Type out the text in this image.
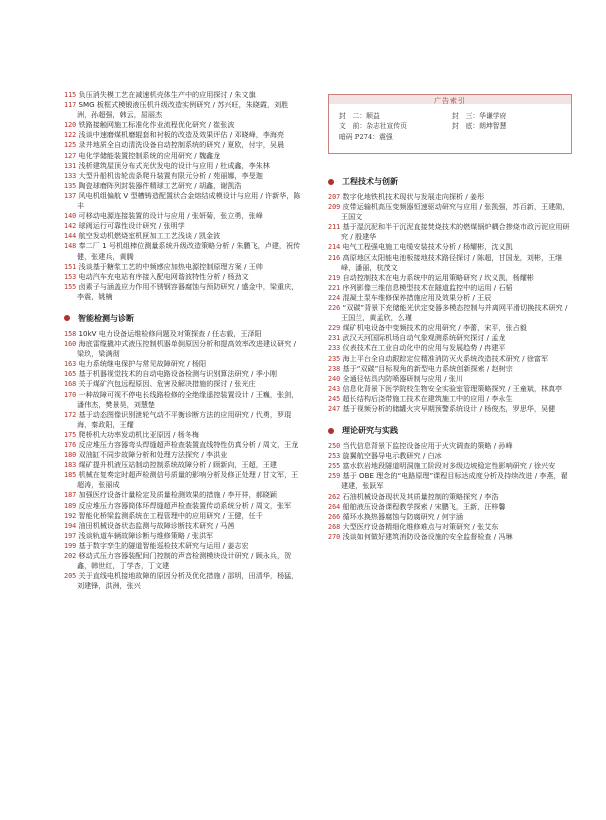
115 负压消失模工艺在减速机壳体生产中的应用探讨 / 朱文旗

117 SMG 板框式模锻液压机升级改造实例研究 / 苏兴旺，朱晓霞，刘胜洲，孙超强，韩云，屈丽杰

120 铁路接触网施工标准化作业流程优化研究 / 崔张波

122 浅谈中速磨煤机磨辊套和衬板的改造及效果评估 / 邓晓峰，李海亮

125 录井地质全自动清洗设备自动控制系统的研究 / 夏欧，付宇，吴晨

127 电化学储能装置控制系统的应用研究 / 魏鑫龙

131 浅析建筑屋顶分布式光伏发电的设计与应用 / 杜成鑫，李朱林

133 大型升船机齿轮齿条爬升装置有限元分析 / 苑丽娜，李旻迦

135 陶瓷球磨阵列封装器件精球工艺研究 / 胡鑫，谢凯浩

137 风电机组偏航 V 型槽铸造配置状合金熔结成模设计与应用 / 许新华，陈丰

140 可移动电源连接装置的设计与应用 / 张妍菊，张立勇，张峰

142 球阀运行可靠性设计研究 / 张明学

144 航空发动机燃烧室机匣加工工艺浅谈 / 凯金波

148 奉二厂 1 号机组棒位测量系统升级改造策略分析 / 朱鹏飞，卢建，祝传健，张建兵，黄腾

151 浅谈基于糖浆工艺的中频感应加热电源控制原理方案 / 王帅

153 电动汽车充电站有序接入配电网谐波特性分析 / 杨劲文

155 卤素子与涵盖应力作用不锈钢容器腐蚀与预防研究 / 盛金中，梁重庆，李震，姚楠

智能检测与诊断

158 10kV 电力设备运维检修问题及对策探查 / 任志毅，王泽阳

160 海底雷缆撬冲式液压控制机器单倒原因分析和提高效率改进建议研究 / 梁玖，梁满彻

163 电力系统继电保护与常见故障研究 / 杨阳

165 基于机器视觉技术的自动电路设备检测与识别算法研究 / 季小刚

168 关于煤矿汽包远程原因、危害及解决措施的探讨 / 张光庄

170 一种故障可视不停电长线路检修的全绝缘遥控装置设计 / 王巍，张剑，潘伟杰，樊景昊，刘慧楚

172 基于动态图像识别泄轮气动不平衡诊断方法的应用研究 / 代勇，罗琨海，秦政阳，王耀

175 爬桥机大功率发动机比亚原因 / 杨冬梅

176 反应堆压力容器弯头焊缝超声检查装置直线特性仿真分析 / 周文，王龙

180 双油缸不同步故障分析和处理方法探究 / 李洪业

183 煤矿提升机液压站制动控制系统故障分析 / 顾新向，王超，王建

185 机械在复奏定时超声检测信号质量的影响分析及修正处理 / 甘文军，王超涛，张丽成

187 加强医疗设备计量检定及质量检测效果的措施 / 李开祥，郝晓颖

189 反应堆压力容器筒体环焊缝超声检查装置传动系统分析 / 周文，张军

192 智能化桥梁监测系统在工程管理中的应用研究 / 王健，任千

194 油田机械设备状态监测与故障诊断技术研究 / 马茜

197 浅谈轨道车辆故障诊断与维修策略 / 张洪军

199 基于数字孪生的隧道智能巡检技术研究与运用 / 姜志宏

202 移动式压力容器装配间门控制的声音检测模块设计研究 / 顾永兵，贺鑫，韩世红，丁学杏，丁文建

205 关于直线电机接地故障的原因分析及优化措施 / 邵明，田清华，杨猛，刘建锋，洪洲，张兴

广告索引
封　二：顺益	封　三：华谦学府
文　前：杂志社宣传页	封　底：朗坤智慧
暗码 P274：震强
工程技术与创新

207 数字化地铁机技术现状与发展走向探析 / 姜彤

209 皮带运输机高压变频器恒速驱动研究与应用 / 张凯强，苏百新，王建勋，王国文

211 基于湿沉泥和半干沉泥直接焚烧技术的燃煤锅炉耦合掺烧市政污泥应用研究 / 殷建华

214 电气工程强电施工电缆安装技术分析 / 杨耀彬，沈义凯

216 高原地区太阳能电池板接地技术路径探讨 / 陈超，甘国龙，刘彬，王继峰，潘丽，杭茂文

219 自动控制技术在电力系统中的运用策略研究 / 坎义凯，杨耀彬

221 序列影像三维信息模型技术在隧道监控中的运用 / 石韬

224 混凝土泵车维修保养措施应用及效果分析 / 王辰

226 “双碳”背景下充储能光伏定变器多模态控制与并离网平滑切换技术研究 / 王国兰，黄孟欣，么瑾

229 煤矿机电设备中变频技术的应用研究 / 李蕾，宋平，张占毅

231 武汉天河国际机场自动气象观测系统研究探讨 / 孟龙

233 仪表技术在工业自动化中的应用与发展趋势 / 冉建平

235 海上平台全自动跟踪定位精准消防灭火系统改造技术研究 / 徐富军

238 基于“双碳”目标视角的新型电力系统创新探索 / 赵树宗

240 全通径钻具内防喷器研制与应用 / 张川

243 信息化背景下医学院校生物安全实验室管理策略探究 / 王童斌，林真亭

245 超长结构后浇带施工技术在建筑施工中的应用 / 李永生

247 基于视频分析的储罐火灾早期预警系统设计 / 杨俊杰，罗思华，吴健

理论研究与实践

250 当代信息背景下监控设备应用于火灾调查的策略 / 孙峰

253 旋翼航空器导电示教研究 / 白冰

255 富水软岩地段隧道明洞施工阶段对多级边坡稳定性影响研究 / 徐兴安

259 基于 OBE 理念的“电路原理”课程目标达成度分析及持续改进 / 李燕，翟建建，张跃军

262 石油机械设备现状及其质量控制的策略探究 / 李浩

264 船舶液压设备课程教学探索 / 宋鹏飞，王新，汪梓馨

266 循环水换热器腐蚀与防腐研究 / 何宇涵

268 大型医疗设备精细化维修难点与对策研究 / 张艾东

270 浅谈如何做好建筑消防设备设施的安全监督检查 / 冯琳
